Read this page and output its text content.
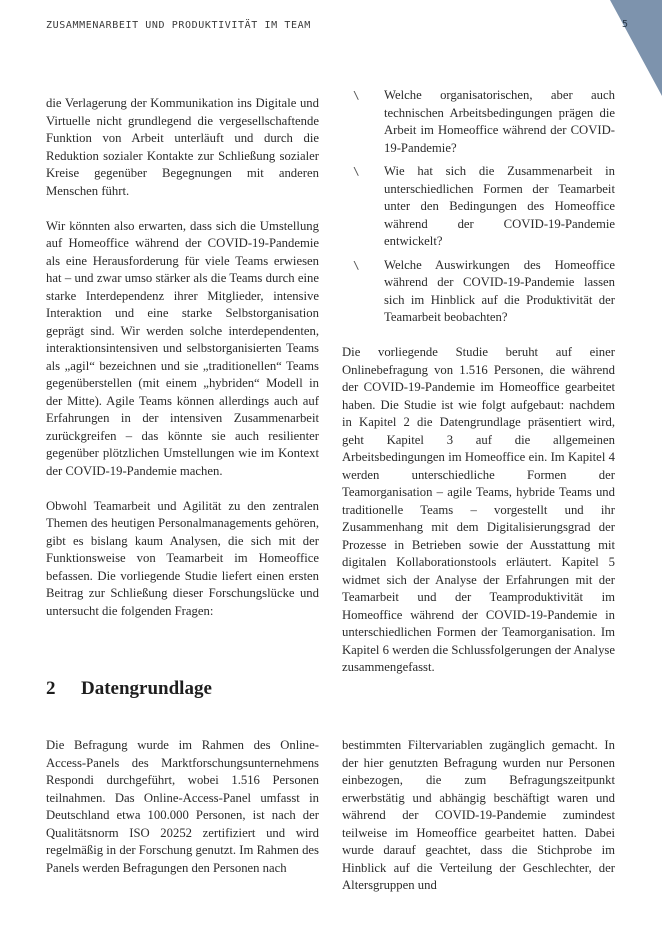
ZUSAMMENARBEIT UND PRODUKTIVITÄT IM TEAM	5

die Verlagerung der Kommunikation ins Digitale und Virtuelle nicht grundlegend die vergesellschaftende Funktion von Arbeit unterläuft und durch die Reduktion sozialer Kontakte zur Schließung sozialer Kreise gegenüber Begegnungen mit anderen Menschen führt.

Wir könnten also erwarten, dass sich die Umstellung auf Homeoffice während der COVID-19-Pandemie als eine Herausforderung für viele Teams erwiesen hat – und zwar umso stärker als die Teams durch eine starke Interdependenz ihrer Mitglieder, intensive Interaktion und eine starke Selbstorganisation geprägt sind. Wir werden solche interdependenten, interaktionsintensiven und selbstorganisierten Teams als „agil“ bezeichnen und sie „traditionellen“ Teams gegenüberstellen (mit einem „hybriden“ Modell in der Mitte). Agile Teams können allerdings auch auf Erfahrungen in der intensiven Zusammenarbeit zurückgreifen – das könnte sie auch resilienter gegenüber plötzlichen Umstellungen wie im Kontext der COVID-19-Pandemie machen.

Obwohl Teamarbeit und Agilität zu den zentralen Themen des heutigen Personalmanagements gehören, gibt es bislang kaum Analysen, die sich mit der Funktionsweise von Teamarbeit im Homeoffice befassen. Die vorliegende Studie liefert einen ersten Beitrag zur Schließung dieser Forschungslücke und untersucht die folgenden Fragen:

\ Welche organisatorischen, aber auch technischen Arbeitsbedingungen prägen die Arbeit im Homeoffice während der COVID-19-Pandemie?
\ Wie hat sich die Zusammenarbeit in unterschiedlichen Formen der Teamarbeit unter den Bedingungen des Homeoffice während der COVID-19-Pandemie entwickelt?
\ Welche Auswirkungen des Homeoffice während der COVID-19-Pandemie lassen sich im Hinblick auf die Produktivität der Teamarbeit beobachten?

Die vorliegende Studie beruht auf einer Onlinebefragung von 1.516 Personen, die während der COVID-19-Pandemie im Homeoffice gearbeitet haben. Die Studie ist wie folgt aufgebaut: nachdem in Kapitel 2 die Datengrundlage präsentiert wird, geht Kapitel 3 auf die allgemeinen Arbeitsbedingungen im Homeoffice ein. Im Kapitel 4 werden unterschiedliche Formen der Teamorganisation – agile Teams, hybride Teams und traditionelle Teams – vorgestellt und ihr Zusammenhang mit dem Digitalisierungsgrad der Prozesse in Betrieben sowie der Ausstattung mit digitalen Kollaborationstools erläutert. Kapitel 5 widmet sich der Analyse der Erfahrungen mit der Teamarbeit und der Teamproduktivität im Homeoffice während der COVID-19-Pandemie in unterschiedlichen Formen der Teamorganisation. Im Kapitel 6 werden die Schlussfolgerungen der Analyse zusammengefasst.

2 Datengrundlage

Die Befragung wurde im Rahmen des Online-Access-Panels des Marktforschungsunternehmens Respondi durchgeführt, wobei 1.516 Personen teilnahmen. Das Online-Access-Panel umfasst in Deutschland etwa 100.000 Personen, ist nach der Qualitätsnorm ISO 20252 zertifiziert und wird regelmäßig in der Forschung genutzt. Im Rahmen des Panels werden Befragungen den Personen nach

bestimmten Filtervariablen zugänglich gemacht. In der hier genutzten Befragung wurden nur Personen einbezogen, die zum Befragungszeitpunkt erwerbstätig und abhängig beschäftigt waren und während der COVID-19-Pandemie zumindest teilweise im Homeoffice gearbeitet hatten. Dabei wurde darauf geachtet, dass die Stichprobe im Hinblick auf die Verteilung der Geschlechter, der Altersgruppen und
